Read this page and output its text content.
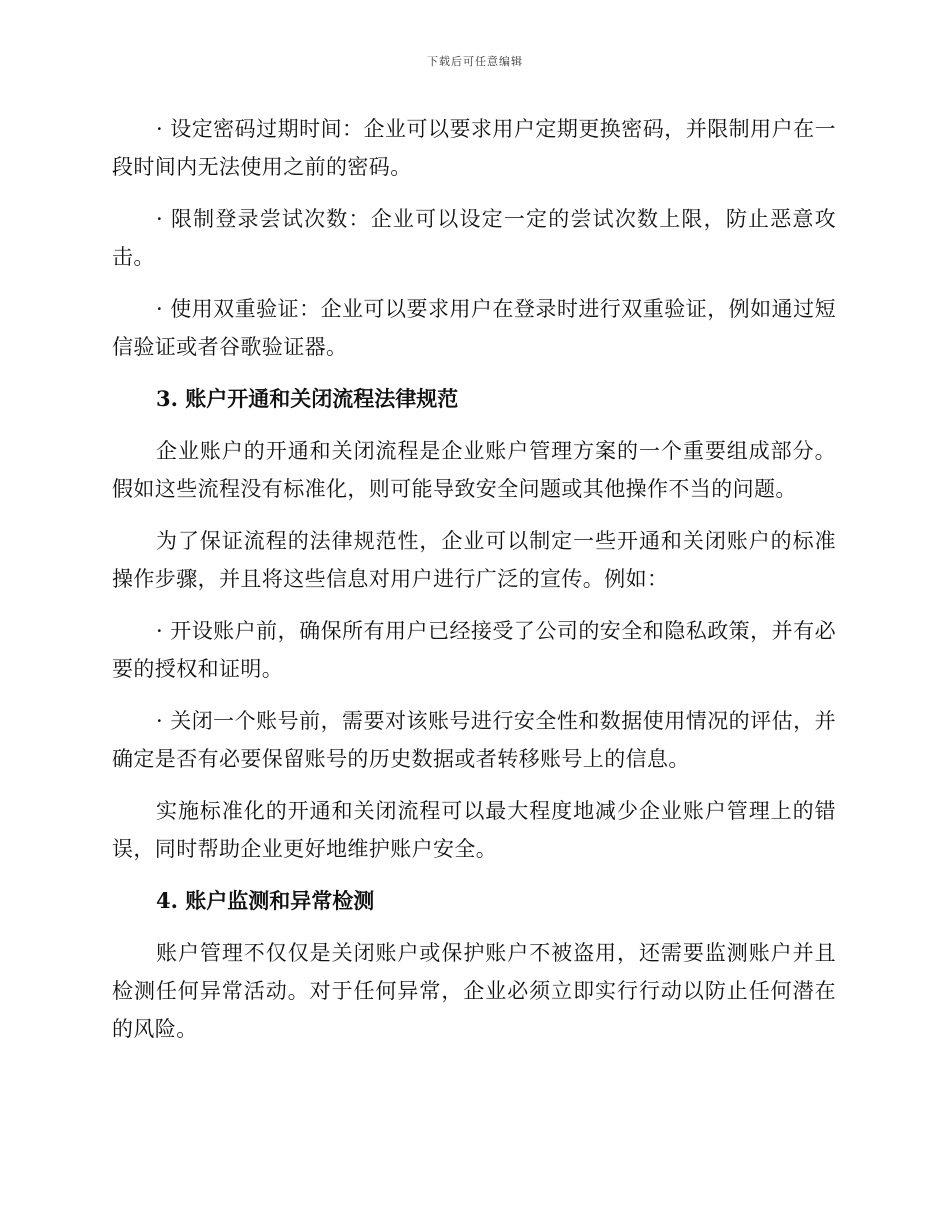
下载后可任意编辑

· 设定密码过期时间：企业可以要求用户定期更换密码，并限制用户在一段时间内无法使用之前的密码。

· 限制登录尝试次数：企业可以设定一定的尝试次数上限，防止恶意攻击。

· 使用双重验证：企业可以要求用户在登录时进行双重验证，例如通过短信验证或者谷歌验证器。

3. 账户开通和关闭流程法律规范

企业账户的开通和关闭流程是企业账户管理方案的一个重要组成部分。假如这些流程没有标准化，则可能导致安全问题或其他操作不当的问题。

为了保证流程的法律规范性，企业可以制定一些开通和关闭账户的标准操作步骤，并且将这些信息对用户进行广泛的宣传。例如：

· 开设账户前，确保所有用户已经接受了公司的安全和隐私政策，并有必要的授权和证明。

· 关闭一个账号前，需要对该账号进行安全性和数据使用情况的评估，并确定是否有必要保留账号的历史数据或者转移账号上的信息。

实施标准化的开通和关闭流程可以最大程度地减少企业账户管理上的错误，同时帮助企业更好地维护账户安全。

4. 账户监测和异常检测

账户管理不仅仅是关闭账户或保护账户不被盗用，还需要监测账户并且检测任何异常活动。对于任何异常，企业必须立即实行行动以防止任何潜在的风险。
